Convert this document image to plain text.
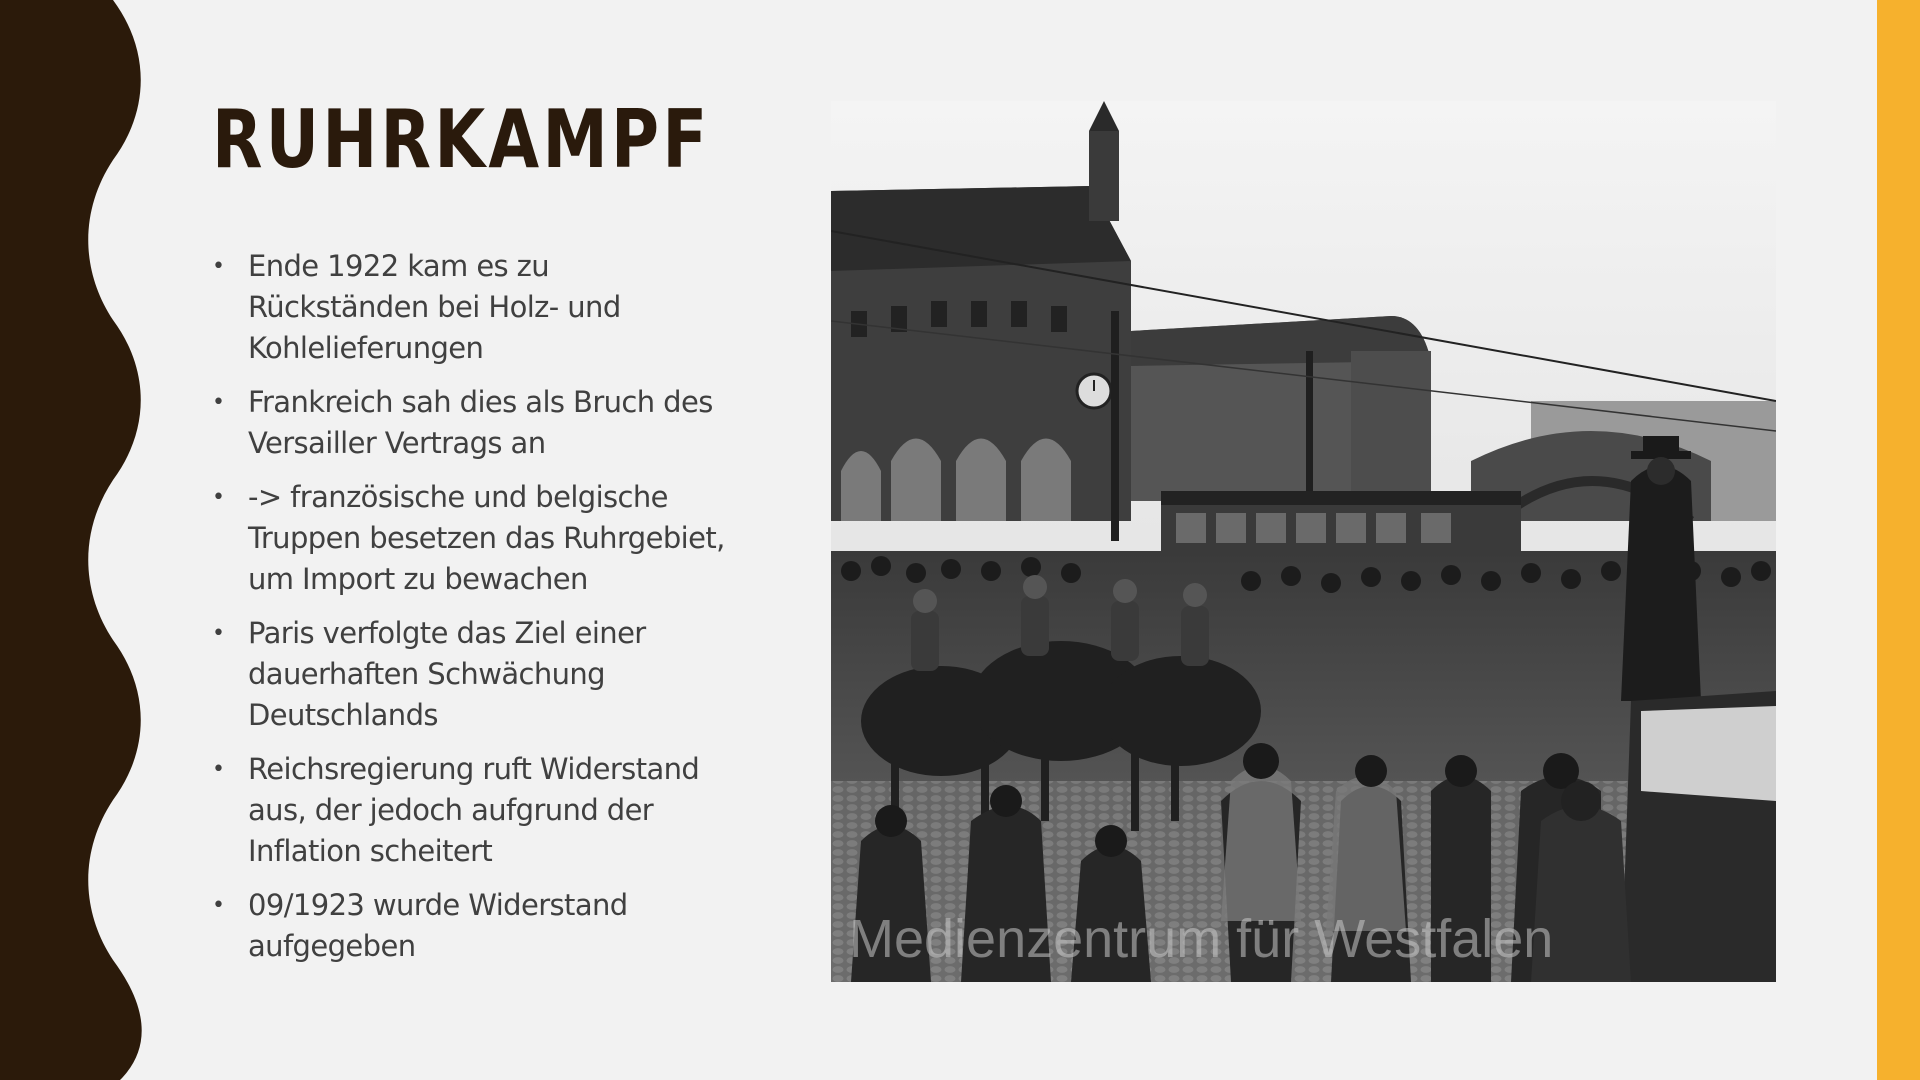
RUHRKAMPF
• Ende 1922 kam es zu Rückständen bei Holz- und Kohlelieferungen
• Frankreich sah dies als Bruch des Versailler Vertrags an
• -> französische und belgische Truppen besetzen das Ruhrgebiet, um Import zu bewachen
• Paris verfolgte das Ziel einer dauerhaften Schwächung Deutschlands
• Reichsregierung ruft Widerstand aus, der jedoch aufgrund der Inflation scheitert
• 09/1923 wurde Widerstand aufgegeben	Medienzentrum für Westfalen
